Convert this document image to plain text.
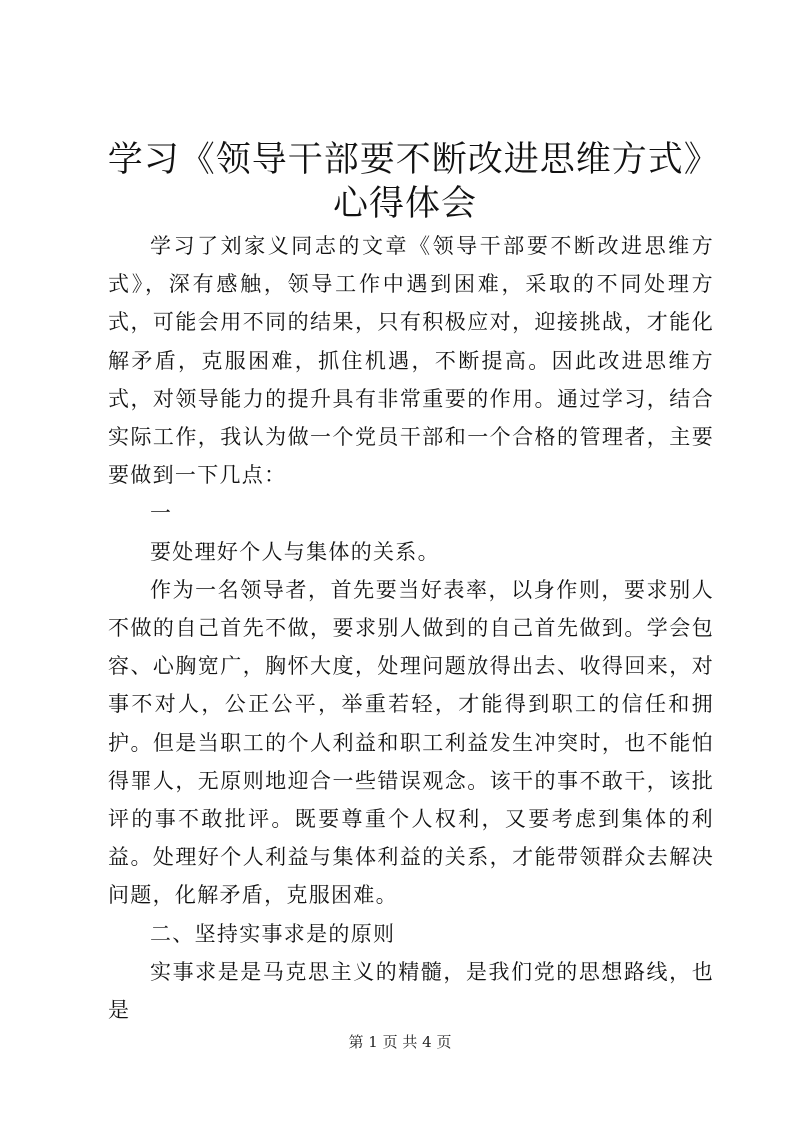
学习《领导干部要不断改进思维方式》心得体会

学习了刘家义同志的文章《领导干部要不断改进思维方式》，深有感触，领导工作中遇到困难，采取的不同处理方式，可能会用不同的结果，只有积极应对，迎接挑战，才能化解矛盾，克服困难，抓住机遇，不断提高。因此改进思维方式，对领导能力的提升具有非常重要的作用。通过学习，结合实际工作，我认为做一个党员干部和一个合格的管理者，主要要做到一下几点：

一

要处理好个人与集体的关系。

作为一名领导者，首先要当好表率，以身作则，要求别人不做的自己首先不做，要求别人做到的自己首先做到。学会包容、心胸宽广，胸怀大度，处理问题放得出去、收得回来，对事不对人，公正公平，举重若轻，才能得到职工的信任和拥护。但是当职工的个人利益和职工利益发生冲突时，也不能怕得罪人，无原则地迎合一些错误观念。该干的事不敢干，该批评的事不敢批评。既要尊重个人权利，又要考虑到集体的利益。处理好个人利益与集体利益的关系，才能带领群众去解决问题，化解矛盾，克服困难。

二、坚持实事求是的原则

实事求是是马克思主义的精髓，是我们党的思想路线，也是

第 1 页 共 4 页
